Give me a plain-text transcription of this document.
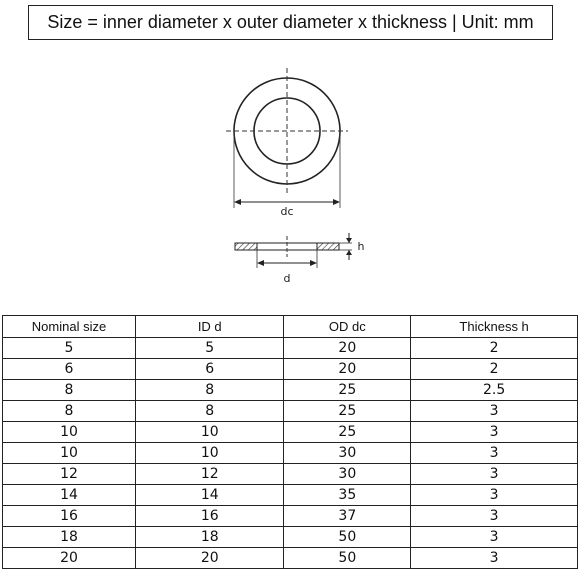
Size = inner diameter x outer diameter x thickness | Unit: mm
dc
h
d
Nominal size	ID d	OD dc	Thickness h
5	5	20	2
6	6	20	2
8	8	25	2.5
8	8	25	3
10	10	25	3
10	10	30	3
12	12	30	3
14	14	35	3
16	16	37	3
18	18	50	3
20	20	50	3
